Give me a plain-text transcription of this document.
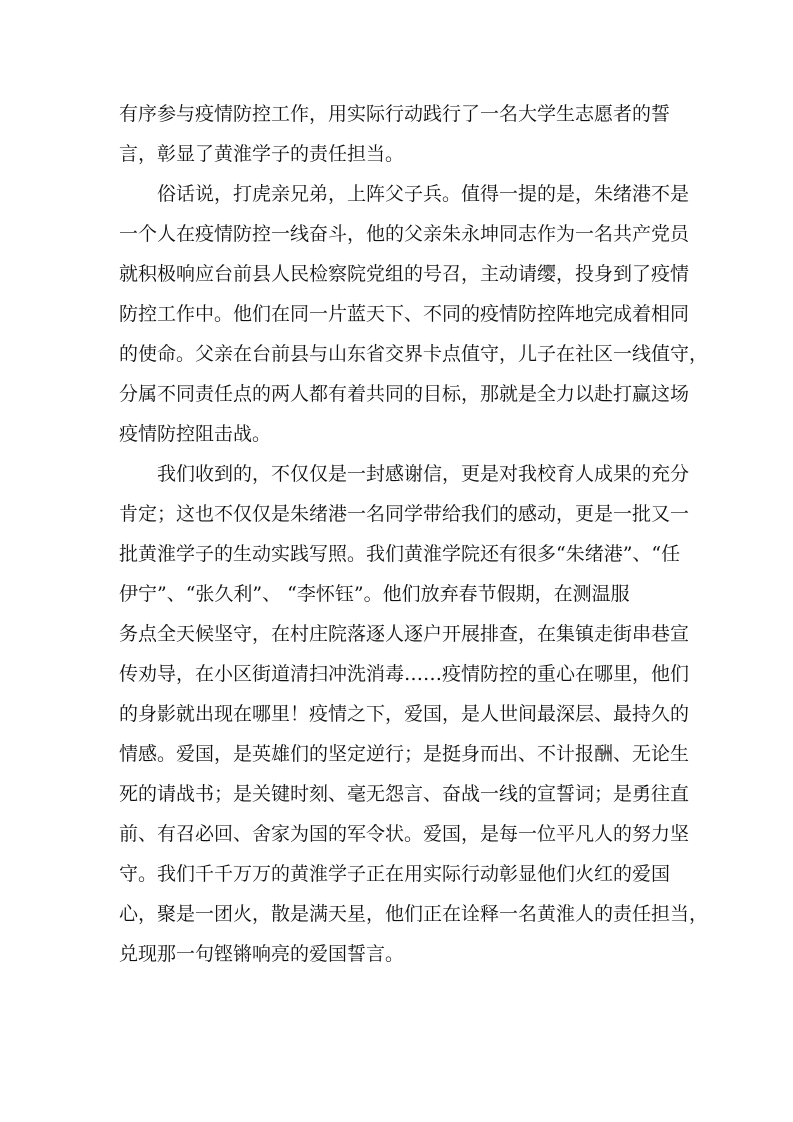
有序参与疫情防控工作，用实际行动践行了一名大学生志愿者的誓
言，彰显了黄淮学子的责任担当。
俗话说，打虎亲兄弟，上阵父子兵。值得一提的是，朱绪港不是
一个人在疫情防控一线奋斗，他的父亲朱永坤同志作为一名共产党员
就积极响应台前县人民检察院党组的号召，主动请缨，投身到了疫情
防控工作中。他们在同一片蓝天下、不同的疫情防控阵地完成着相同
的使命。父亲在台前县与山东省交界卡点值守，儿子在社区一线值守，
分属不同责任点的两人都有着共同的目标，那就是全力以赴打赢这场
疫情防控阻击战。
我们收到的，不仅仅是一封感谢信，更是对我校育人成果的充分
肯定；这也不仅仅是朱绪港一名同学带给我们的感动，更是一批又一
批黄淮学子的生动实践写照。我们黄淮学院还有很多“朱绪港”、“任
伊宁”、“张久利”、 “李怀钰”。他们放弃春节假期，在测温服
务点全天候坚守，在村庄院落逐人逐户开展排查，在集镇走街串巷宣
传劝导，在小区街道清扫冲洗消毒……疫情防控的重心在哪里，他们
的身影就出现在哪里！疫情之下，爱国，是人世间最深层、最持久的
情感。爱国，是英雄们的坚定逆行；是挺身而出、不计报酬、无论生
死的请战书；是关键时刻、毫无怨言、奋战一线的宣誓词；是勇往直
前、有召必回、舍家为国的军令状。爱国，是每一位平凡人的努力坚
守。我们千千万万的黄淮学子正在用实际行动彰显他们火红的爱国
心，聚是一团火，散是满天星，他们正在诠释一名黄淮人的责任担当，
兑现那一句铿锵响亮的爱国誓言。
